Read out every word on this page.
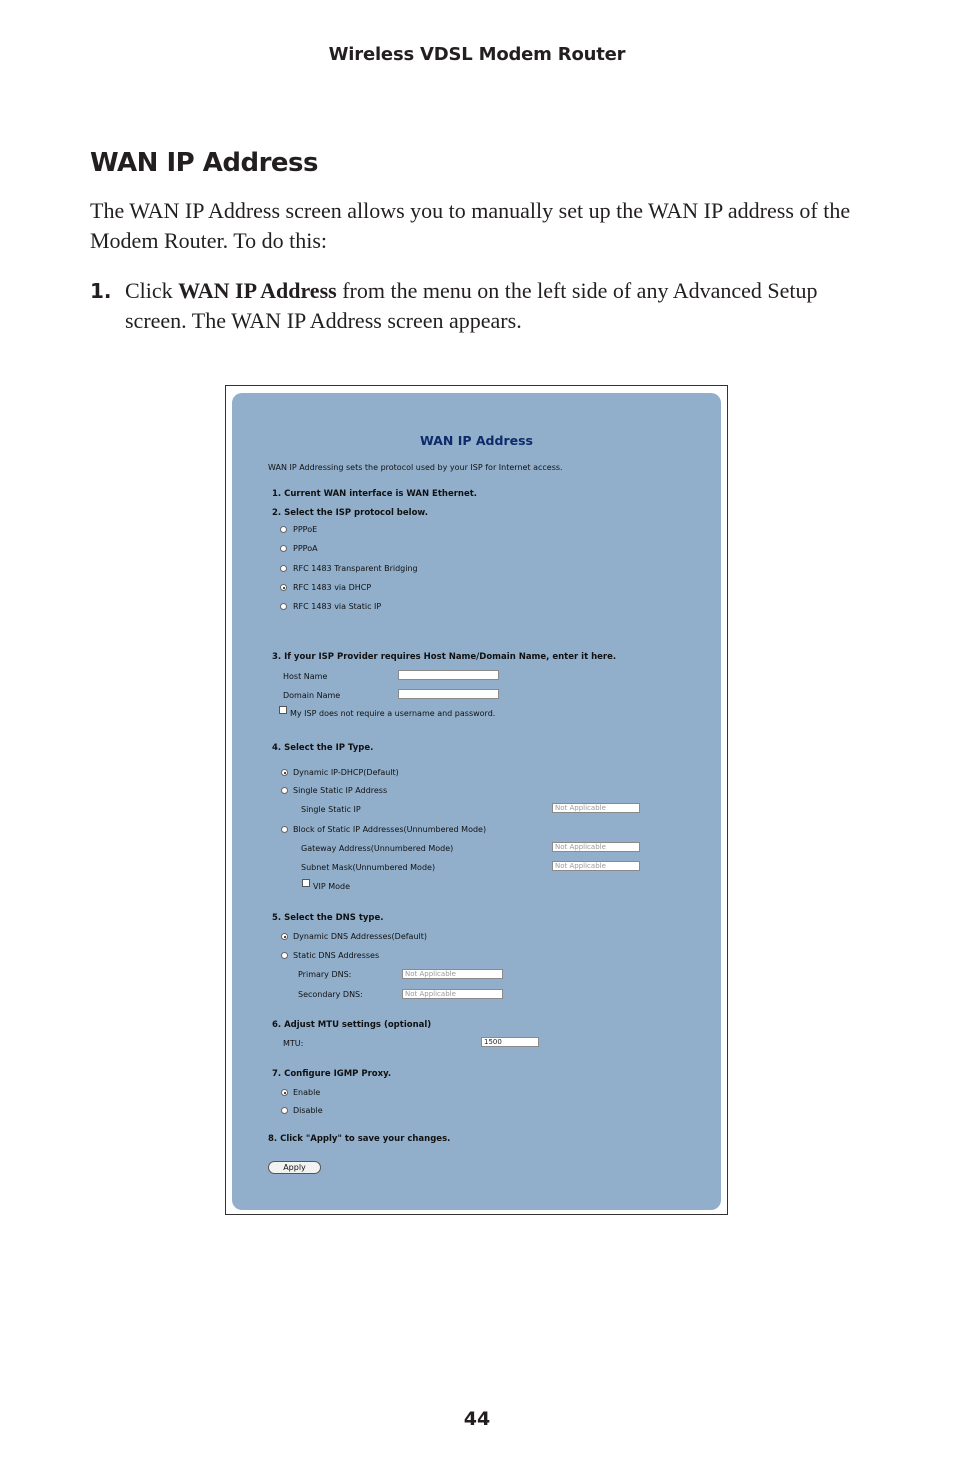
Wireless VDSL Modem Router
WAN IP Address

The WAN IP Address screen allows you to manually set up the WAN IP address of the Modem Router. To do this:

1. Click WAN IP Address from the menu on the left side of any Advanced Setup screen. The WAN IP Address screen appears.
WAN IP Address
WAN IP Addressing sets the protocol used by your ISP for Internet access.
1. Current WAN interface is WAN Ethernet.
2. Select the ISP protocol below.
PPPoE
PPPoA
RFC 1483 Transparent Bridging
RFC 1483 via DHCP
RFC 1483 via Static IP
3. If your ISP Provider requires Host Name/Domain Name, enter it here.
Host Name
Domain Name
My ISP does not require a username and password.
4. Select the IP Type.
Dynamic IP-DHCP(Default)
Single Static IP Address
Single Static IP	Not Applicable
Block of Static IP Addresses(Unnumbered Mode)
Gateway Address(Unnumbered Mode)	Not Applicable
Subnet Mask(Unnumbered Mode)	Not Applicable
VIP Mode
5. Select the DNS type.
Dynamic DNS Addresses(Default)
Static DNS Addresses
Primary DNS:	Not Applicable
Secondary DNS:	Not Applicable
6. Adjust MTU settings (optional)
MTU:	1500
7. Configure IGMP Proxy.
Enable
Disable
8. Click "Apply" to save your changes.
Apply
44
